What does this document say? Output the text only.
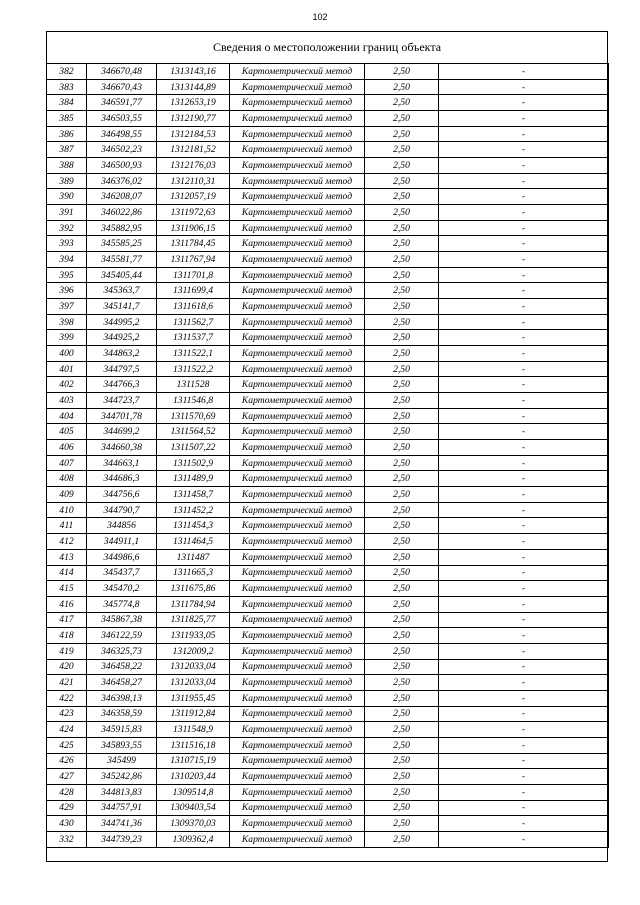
102
Сведения о местоположении границ объекта
382	346670,48	1313143,16	Картометрический метод	2,50	-
383	346670,43	1313144,89	Картометрический метод	2,50	-
384	346591,77	1312653,19	Картометрический метод	2,50	-
385	346503,55	1312190,77	Картометрический метод	2,50	-
386	346498,55	1312184,53	Картометрический метод	2,50	-
387	346502,23	1312181,52	Картометрический метод	2,50	-
388	346500,93	1312176,03	Картометрический метод	2,50	-
389	346376,02	1312110,31	Картометрический метод	2,50	-
390	346208,07	1312057,19	Картометрический метод	2,50	-
391	346022,86	1311972,63	Картометрический метод	2,50	-
392	345882,95	1311906,15	Картометрический метод	2,50	-
393	345585,25	1311784,45	Картометрический метод	2,50	-
394	345581,77	1311767,94	Картометрический метод	2,50	-
395	345405,44	1311701,8	Картометрический метод	2,50	-
396	345363,7	1311699,4	Картометрический метод	2,50	-
397	345141,7	1311618,6	Картометрический метод	2,50	-
398	344995,2	1311562,7	Картометрический метод	2,50	-
399	344925,2	1311537,7	Картометрический метод	2,50	-
400	344863,2	1311522,1	Картометрический метод	2,50	-
401	344797,5	1311522,2	Картометрический метод	2,50	-
402	344766,3	1311528	Картометрический метод	2,50	-
403	344723,7	1311546,8	Картометрический метод	2,50	-
404	344701,78	1311570,69	Картометрический метод	2,50	-
405	344699,2	1311564,52	Картометрический метод	2,50	-
406	344660,38	1311507,22	Картометрический метод	2,50	-
407	344663,1	1311502,9	Картометрический метод	2,50	-
408	344686,3	1311489,9	Картометрический метод	2,50	-
409	344756,6	1311458,7	Картометрический метод	2,50	-
410	344790,7	1311452,2	Картометрический метод	2,50	-
411	344856	1311454,3	Картометрический метод	2,50	-
412	344911,1	1311464,5	Картометрический метод	2,50	-
413	344986,6	1311487	Картометрический метод	2,50	-
414	345437,7	1311665,3	Картометрический метод	2,50	-
415	345470,2	1311675,86	Картометрический метод	2,50	-
416	345774,8	1311784,94	Картометрический метод	2,50	-
417	345867,38	1311825,77	Картометрический метод	2,50	-
418	346122,59	1311933,05	Картометрический метод	2,50	-
419	346325,73	1312009,2	Картометрический метод	2,50	-
420	346458,22	1312033,04	Картометрический метод	2,50	-
421	346458,27	1312033,04	Картометрический метод	2,50	-
422	346398,13	1311955,45	Картометрический метод	2,50	-
423	346358,59	1311912,84	Картометрический метод	2,50	-
424	345915,83	1311548,9	Картометрический метод	2,50	-
425	345893,55	1311516,18	Картометрический метод	2,50	-
426	345499	1310715,19	Картометрический метод	2,50	-
427	345242,86	1310203,44	Картометрический метод	2,50	-
428	344813,83	1309514,8	Картометрический метод	2,50	-
429	344757,91	1309403,54	Картометрический метод	2,50	-
430	344741,36	1309370,03	Картометрический метод	2,50	-
332	344739,23	1309362,4	Картометрический метод	2,50	-
